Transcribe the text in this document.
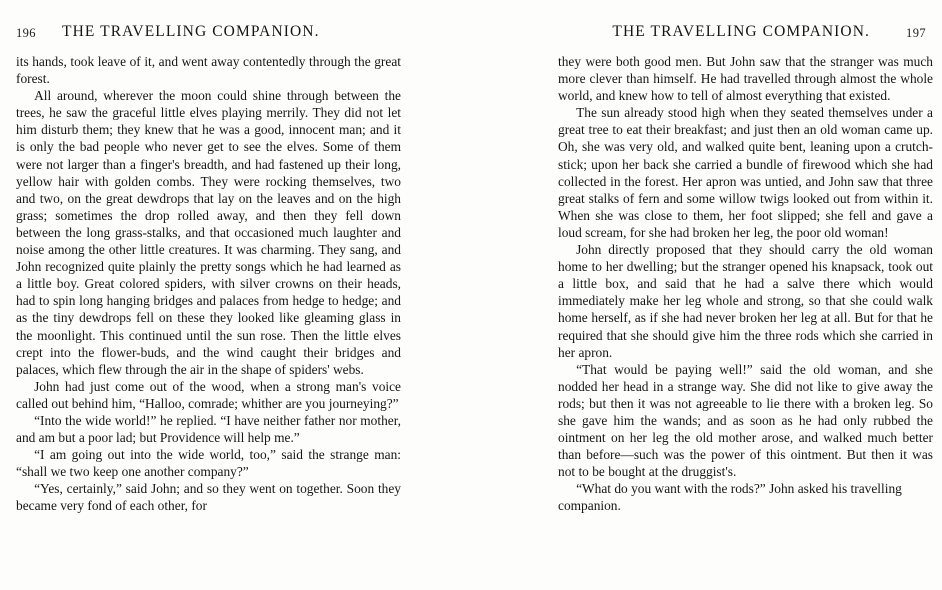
196 THE TRAVELLING COMPANION.

its hands, took leave of it, and went away contentedly through the great forest.

All around, wherever the moon could shine through between the trees, he saw the graceful little elves playing merrily. They did not let him disturb them; they knew that he was a good, innocent man; and it is only the bad people who never get to see the elves. Some of them were not larger than a finger's breadth, and had fastened up their long, yellow hair with golden combs. They were rocking themselves, two and two, on the great dewdrops that lay on the leaves and on the high grass; sometimes the drop rolled away, and then they fell down between the long grass-stalks, and that occasioned much laughter and noise among the other little creatures. It was charming. They sang, and John recognized quite plainly the pretty songs which he had learned as a little boy. Great colored spiders, with silver crowns on their heads, had to spin long hanging bridges and palaces from hedge to hedge; and as the tiny dewdrops fell on these they looked like gleaming glass in the moonlight. This continued until the sun rose. Then the little elves crept into the flower-buds, and the wind caught their bridges and palaces, which flew through the air in the shape of spiders' webs.

John had just come out of the wood, when a strong man's voice called out behind him, “Halloo, comrade; whither are you journeying?”

“Into the wide world!” he replied. “I have neither father nor mother, and am but a poor lad; but Providence will help me.”

“I am going out into the wide world, too,” said the strange man: “shall we two keep one another company?”

“Yes, certainly,” said John; and so they went on together. Soon they became very fond of each other, for

THE TRAVELLING COMPANION.	197

they were both good men. But John saw that the stranger was much more clever than himself. He had travelled through almost the whole world, and knew how to tell of almost everything that existed.

The sun already stood high when they seated themselves under a great tree to eat their breakfast; and just then an old woman came up. Oh, she was very old, and walked quite bent, leaning upon a crutch-stick; upon her back she carried a bundle of firewood which she had collected in the forest. Her apron was untied, and John saw that three great stalks of fern and some willow twigs looked out from within it. When she was close to them, her foot slipped; she fell and gave a loud scream, for she had broken her leg, the poor old woman!

John directly proposed that they should carry the old woman home to her dwelling; but the stranger opened his knapsack, took out a little box, and said that he had a salve there which would immediately make her leg whole and strong, so that she could walk home herself, as if she had never broken her leg at all. But for that he required that she should give him the three rods which she carried in her apron.

“That would be paying well!” said the old woman, and she nodded her head in a strange way. She did not like to give away the rods; but then it was not agreeable to lie there with a broken leg. So she gave him the wands; and as soon as he had only rubbed the ointment on her leg the old mother arose, and walked much better than before—such was the power of this ointment. But then it was not to be bought at the druggist's.

“What do you want with the rods?” John asked his travelling companion.
